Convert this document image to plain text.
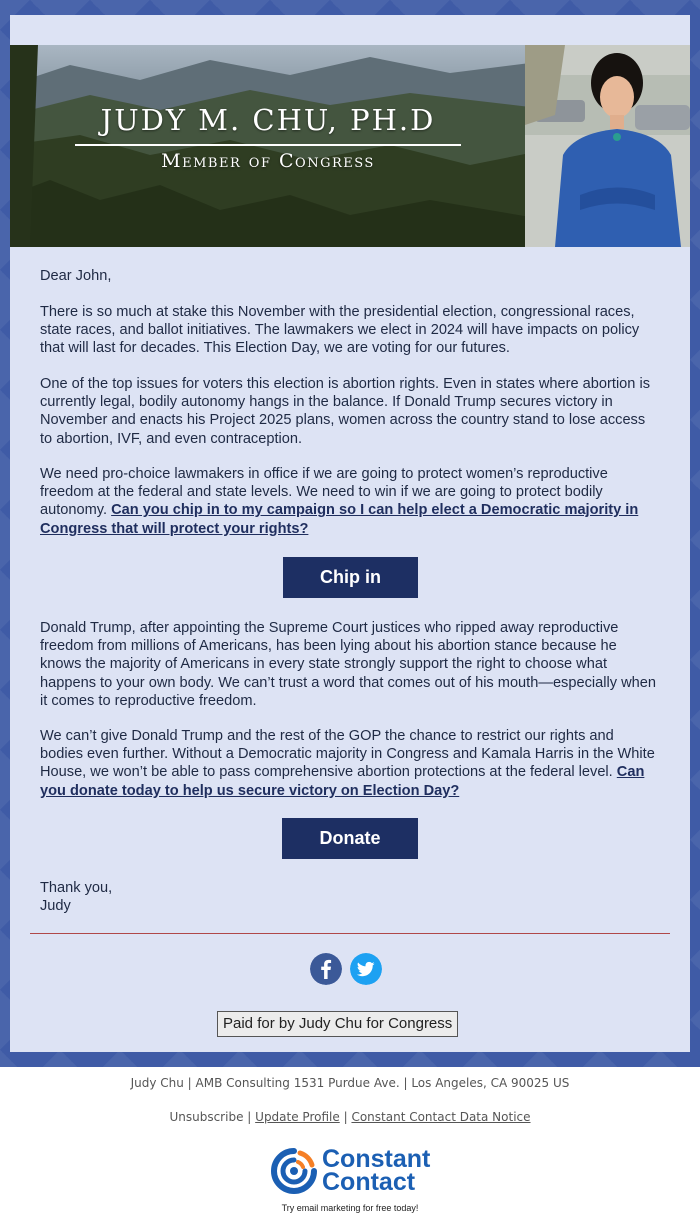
JUDY M. CHU, PH.D
Member of Congress
Dear John,
There is so much at stake this November with the presidential election, congressional races, state races, and ballot initiatives. The lawmakers we elect in 2024 will have impacts on policy that will last for decades. This Election Day, we are voting for our futures.
One of the top issues for voters this election is abortion rights. Even in states where abortion is currently legal, bodily autonomy hangs in the balance. If Donald Trump secures victory in November and enacts his Project 2025 plans, women across the country stand to lose access to abortion, IVF, and even contraception.
We need pro-choice lawmakers in office if we are going to protect women’s reproductive freedom at the federal and state levels. We need to win if we are going to protect bodily autonomy. Can you chip in to my campaign so I can help elect a Democratic majority in Congress that will protect your rights?
Chip in
Donald Trump, after appointing the Supreme Court justices who ripped away reproductive freedom from millions of Americans, has been lying about his abortion stance because he knows the majority of Americans in every state strongly support the right to choose what happens to your own body. We can’t trust a word that comes out of his mouth—especially when it comes to reproductive freedom.
We can’t give Donald Trump and the rest of the GOP the chance to restrict our rights and bodies even further. Without a Democratic majority in Congress and Kamala Harris in the White House, we won’t be able to pass comprehensive abortion protections at the federal level. Can you donate today to help us secure victory on Election Day?
Donate
Thank you,
Judy
Paid for by Judy Chu for Congress
Judy Chu | AMB Consulting 1531 Purdue Ave. | Los Angeles, CA 90025 US
Unsubscribe | Update Profile | Constant Contact Data Notice
Constant
Contact
Try email marketing for free today!
